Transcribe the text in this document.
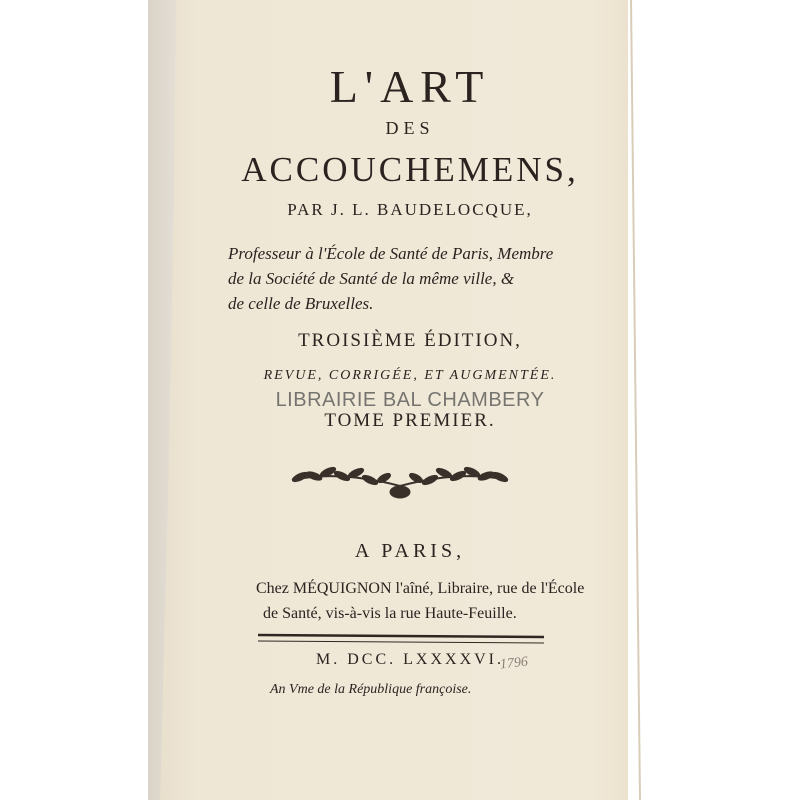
L'ART
DES
ACCOUCHEMENS,
PAR J. L. BAUDELOCQUE,
Professeur à l'École de Santé de Paris, Membre
de la Société de Santé de la même ville, &
de celle de Bruxelles.
TROISIÈME ÉDITION,
REVUE, CORRIGÉE, ET AUGMENTÉE.
TOME PREMIER.
LIBRAIRIE BAL CHAMBERY
A PARIS,
Chez MÉQUIGNON l'aîné, Libraire, rue de l'École
de Santé, vis-à-vis la rue Haute-Feuille.
M. DCC. LXXXXVI.
1796
An Vme de la République françoise.
